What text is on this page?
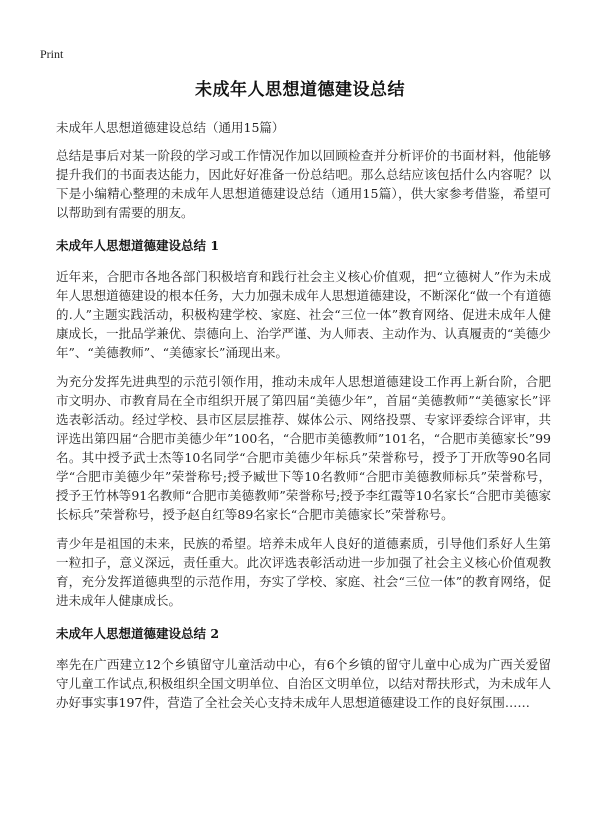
Print
未成年人思想道德建设总结

未成年人思想道德建设总结（通用15篇）

总结是事后对某一阶段的学习或工作情况作加以回顾检查并分析评价的书面材料，他能够提升我们的书面表达能力，因此好好准备一份总结吧。那么总结应该包括什么内容呢？以下是小编精心整理的未成年人思想道德建设总结（通用15篇），供大家参考借鉴，希望可以帮助到有需要的朋友。

未成年人思想道德建设总结 1

近年来，合肥市各地各部门积极培育和践行社会主义核心价值观，把“立德树人”作为未成年人思想道德建设的根本任务，大力加强未成年人思想道德建设，不断深化“做一个有道德的.人”主题实践活动，积极构建学校、家庭、社会“三位一体”教育网络、促进未成年人健康成长，一批品学兼优、崇德向上、治学严谨、为人师表、主动作为、认真履责的“美德少年”、“美德教师”、“美德家长”涌现出来。

为充分发挥先进典型的示范引领作用，推动未成年人思想道德建设工作再上新台阶，合肥市文明办、市教育局在全市组织开展了第四届“美德少年”，首届“美德教师”“美德家长”评选表彰活动。经过学校、县市区层层推荐、媒体公示、网络投票、专家评委综合评审，共评选出第四届“合肥市美德少年”100名，“合肥市美德教师”101名，“合肥市美德家长”99名。其中授予武士杰等10名同学“合肥市美德少年标兵”荣誉称号，授予丁开欣等90名同学“合肥市美德少年”荣誉称号;授予臧世下等10名教师“合肥市美德教师标兵”荣誉称号，授予王竹林等91名教师“合肥市美德教师”荣誉称号;授予李红霞等10名家长“合肥市美德家长标兵”荣誉称号，授予赵自红等89名家长“合肥市美德家长”荣誉称号。

青少年是祖国的未来，民族的希望。培养未成年人良好的道德素质，引导他们系好人生第一粒扣子，意义深远，责任重大。此次评选表彰活动进一步加强了社会主义核心价值观教育，充分发挥道德典型的示范作用，夯实了学校、家庭、社会“三位一体”的教育网络，促进未成年人健康成长。

未成年人思想道德建设总结 2

率先在广西建立12个乡镇留守儿童活动中心，有6个乡镇的留守儿童中心成为广西关爱留守儿童工作试点,积极组织全国文明单位、自治区文明单位，以结对帮扶形式，为未成年人办好事实事197件，营造了全社会关心支持未成年人思想道德建设工作的良好氛围……
